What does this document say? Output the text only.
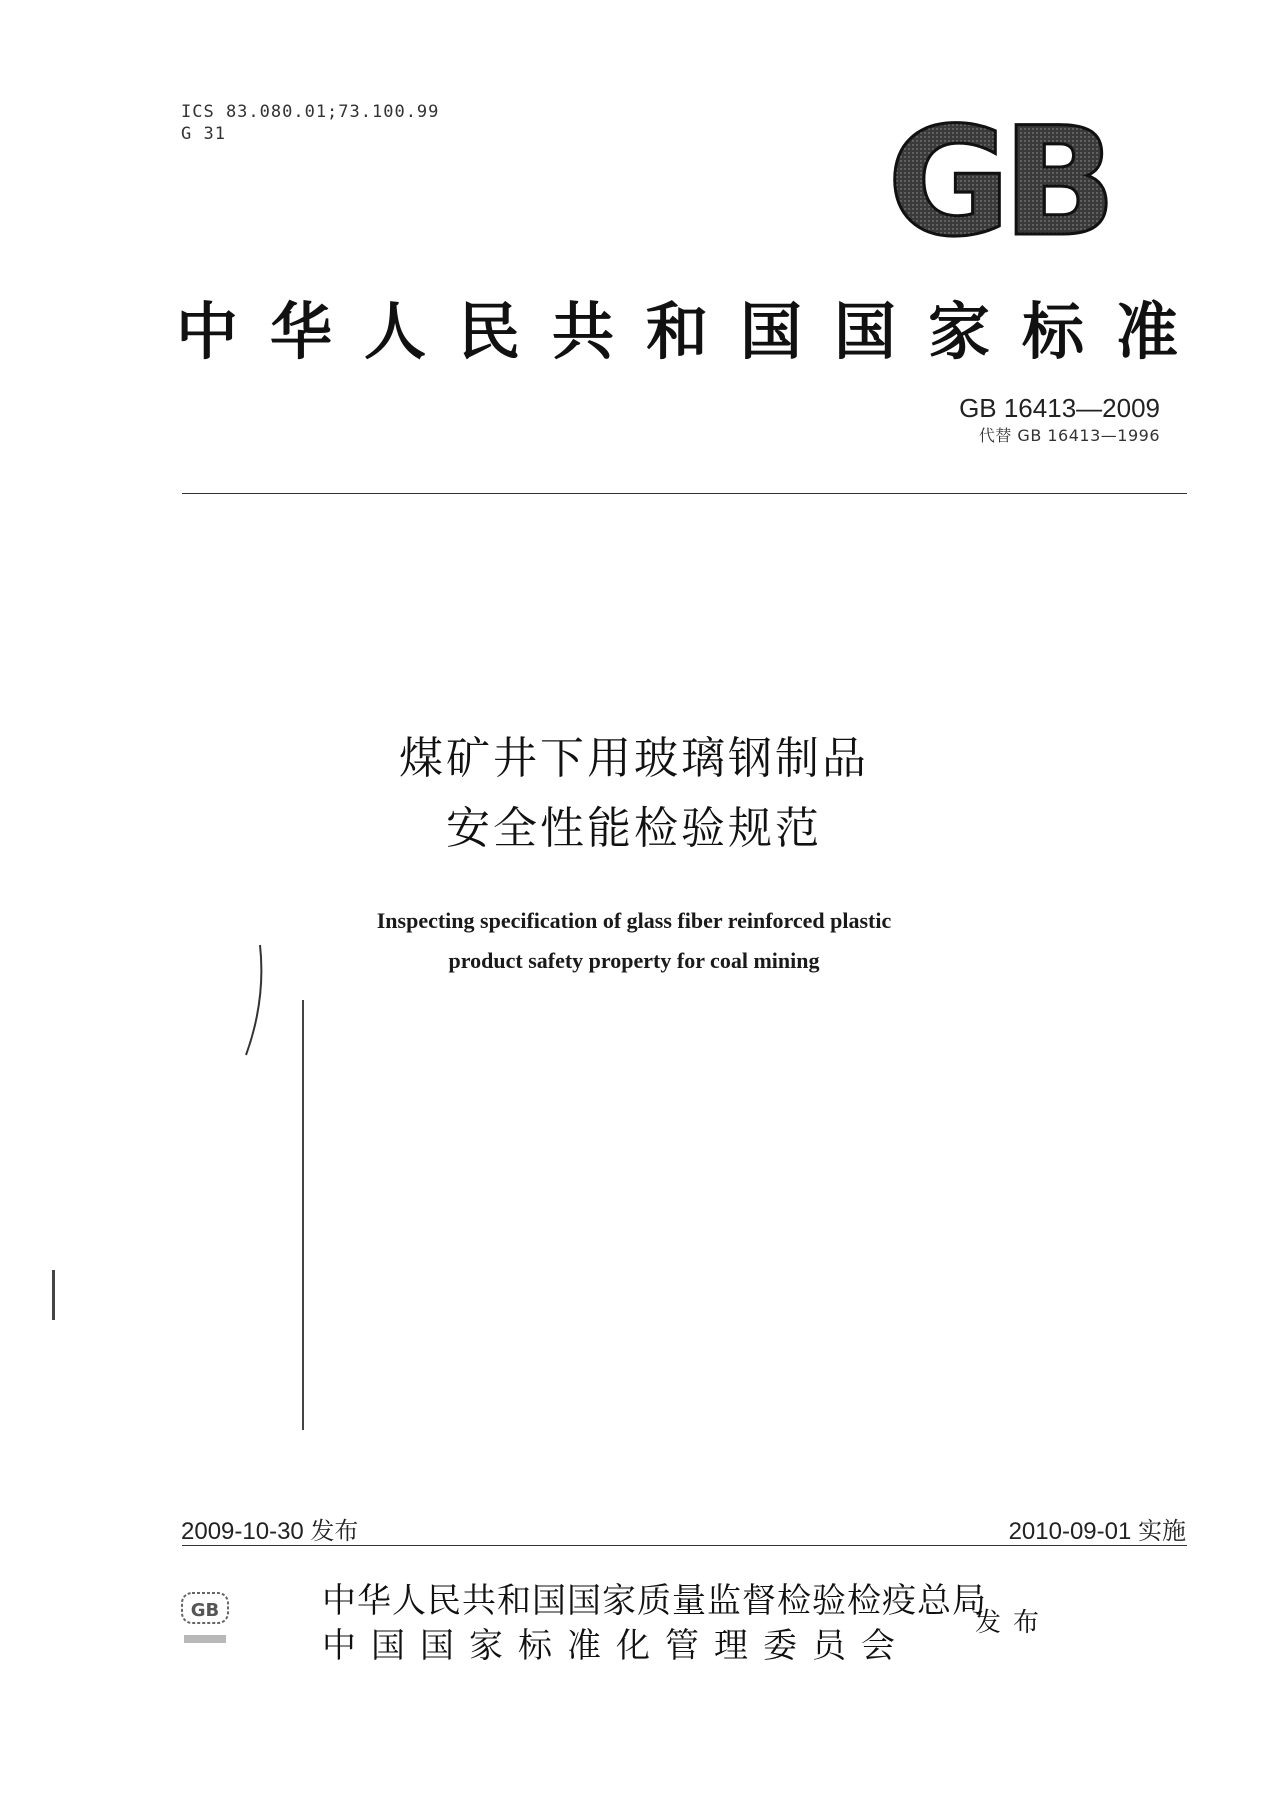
ICS 83.080.01;73.100.99
G 31	GB
中华人民共和国国家标准
GB 16413—2009
代替 GB 16413—1996
煤矿井下用玻璃钢制品
安全性能检验规范
Inspecting specification of glass fiber reinforced plastic
product safety property for coal mining
2009-10-30 发布	2010-09-01 实施
GB	中华人民共和国国家质量监督检验检疫总局
中国国家标准化管理委员会
发布
